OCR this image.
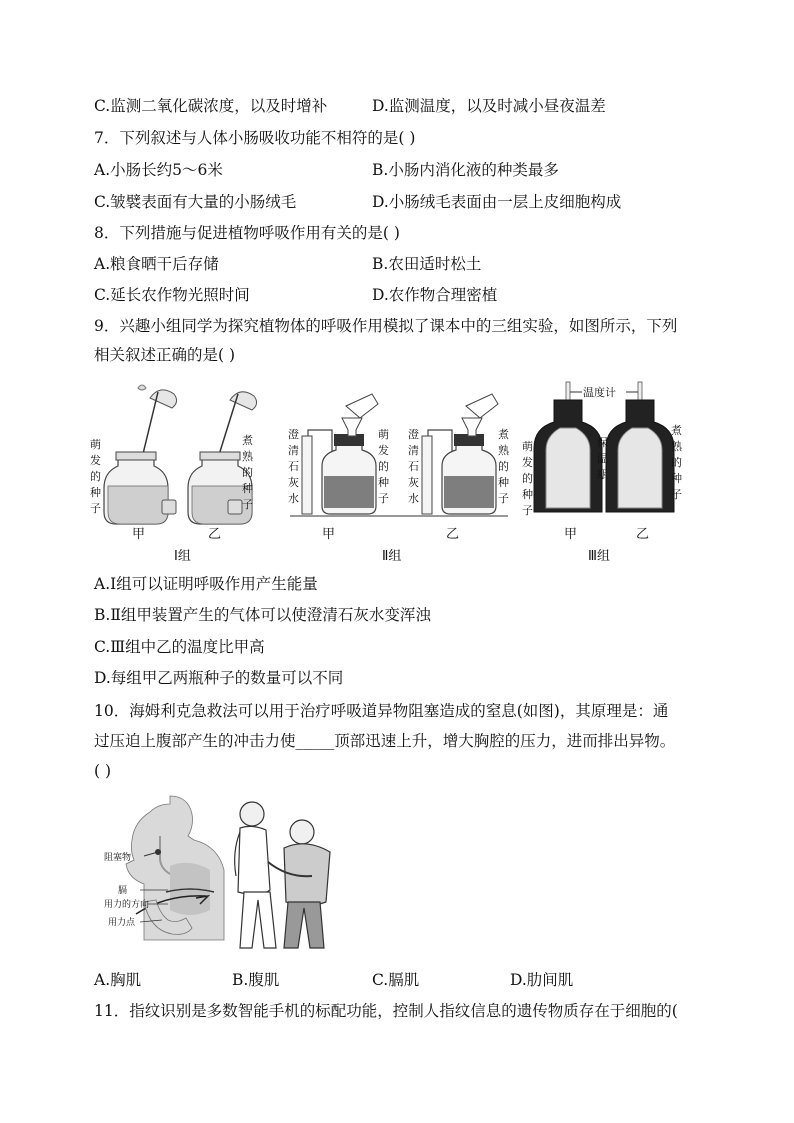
C.监测二氧化碳浓度，以及时增补	D.监测温度，以及时减小昼夜温差
7．下列叙述与人体小肠吸收功能不相符的是( )
A.小肠长约5～6米	B.小肠内消化液的种类最多
C.皱襞表面有大量的小肠绒毛	D.小肠绒毛表面由一层上皮细胞构成
8．下列措施与促进植物呼吸作用有关的是( )
A.粮食晒干后存储	B.农田适时松土
C.延长农作物光照时间	D.农作物合理密植
9．兴趣小组同学为探究植物体的呼吸作用模拟了课本中的三组实验，如图所示，下列
相关叙述正确的是( )
萌
发
的
种
子
煮
熟
的
种
子
甲	乙
Ⅰ组
澄
清
石
灰
水
萌
发
的
种
子
澄
清
石
灰
水
煮
熟
的
种
子
甲	乙
Ⅱ组
温度计
萌
发
的
种
子
保
温
瓶
煮
熟
的
种
子
甲	乙
Ⅲ组
A.Ⅰ组可以证明呼吸作用产生能量
B.Ⅱ组甲装置产生的气体可以使澄清石灰水变浑浊
C.Ⅲ组中乙的温度比甲高
D.每组甲乙两瓶种子的数量可以不同
10．海姆利克急救法可以用于治疗呼吸道异物阻塞造成的窒息(如图)，其原理是：通
过压迫上腹部产生的冲击力使_____顶部迅速上升，增大胸腔的压力，进而排出异物。
( )
阻塞物
膈
用力的方向
用力点
A.胸肌	B.腹肌	C.膈肌	D.肋间肌
11．指纹识别是多数智能手机的标配功能，控制人指纹信息的遗传物质存在于细胞的(
